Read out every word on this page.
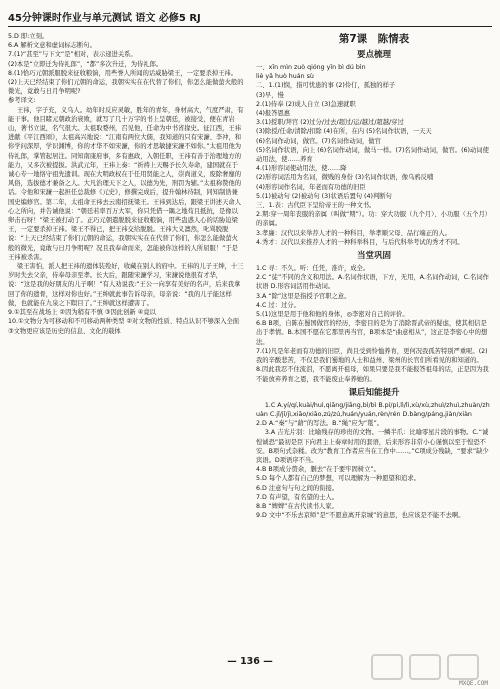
45分钟课时作业与单元测试 语文 必修5 RJ

5.D 即:立刻。

6.A 解析文意和虚词标志断句。

7.(1)“甚至”与下文“是”相对，表示递进关系。

(2)本是“立即迁为侍礼郎”，“都”多次升迁，为侍礼郎。

8.(1)恰巧元朝派服脱来征收粮饷，用些誉人所闻的话威胁梁王，一定要杀掉王祎。

(2)上天已经结束了你们元朝的命运，我朝实实在在代替了你们，你怎么能做萤火般的微光，竟敢与日月争明呢?

参考译文:

王祎，字子充，义乌人。幼年时反应灵敏，胜年的青年，身材高大，气度严肃，有能干事。他目睹元朝政治衰败，就写了几十万字的书上呈朝廷，被接受，便在青岩山，著书立说，名气很大。太祖取婺州，召见他，任命为中书省掾史。征江西，王祎进献《平江西颂》，太祖高兴地说：“江南有两位大儒，我知道的只有宋濂、李冲，和你学问深厚，学识渊博，你的才华不如宋濂，你的才思敏捷宋濂不如你。”太祖用他为侍礼郎，掌管起居注。同知南康府事，多有惠政，入朝任职，王祎有善于治理地方的能力，又多次被提拔。洪武元年，王祎上奏：“祈祷上天赐予长久寿命，建国就在于诚心专一地恪守祖先遗训。现在大明政权在于任用贤能之人，崇尚道义，废除奢靡的风俗，选拔德才兼备之人。大凡治理天下之人，以德为先，刑罚为辅。”太祖称赞他的话。令他和宋濂一起担任总裁修《元史》，修撰完成后，提升翰林待制，同知制诰兼国史编修官。第二年，太祖命王祎去云南招抚梁王。王祎到达后，跟梁王讲述天命人心之所向，并告诫他说：“朝廷若率百万大军，你只凭借一隅之地苟且抵抗，是像以卵击石呀！”梁王被打动了。正巧元朝遣脱脱来征收粮饷，用些蛊惑人心的话胁迫梁王，一定要杀掉王祎。梁王不得已，把王祎交给脱脱。王祎大义凛然，叱骂脱脱说：“上天已经结束了你们元朝的命运，我朝实实在在代替了你们，你怎么能做萤火般的微光，竟敢与日月争明呢？况且我奉命而来，怎能被你这样的人所屈服！”于是王祎被杀害。

梁王害怕，派人把王祎的遗体装殓好，收藏在别人的府中。王祎的儿子王绅，十三岁时失去父亲，侍奉母亲至孝。长大后，跟随宋濂学习，宋濂说他很有才华，说：“这是我的好朋友的儿子啊！”有人劝说我:“王公一向享有美好的名声，后来我拿回了你的遗骨，这样对你也好。”王绅就此事告诉母亲，母亲说：“我的儿子能这样做，也就能在九泉之下瞑目了。”王绅就这样遭害了。

9.①其至在战场上 ②因为稍有不慎 ③因此创新 ④竟以

10.①文物分为可移动和不可移动两种类型 ②对文物的性质、特点认识不够深入全面 ③文物更应该是历史的信息、文化的载体

第7课　陈情表
要点梳理

一、xīn mìn zuò qióng yīn bì dú bìn

liè yǎ huò huán sù

二、1.(1)悯，指可忧患的事 (2)伶仃，孤独的样子

(3)早，慢

2.(1)侍奉 (2)成人自立 (3)急速就职

(4)报答恩惠

3.(1)授职/拜官 (2)过分/过去/超过/运/越过/超越/穿过

(3)除授/任命/清除/扣除 (4)在所，在内 (5)名词作状语，一天天

(6)名词作动词，做官。(7)名词作动词，做官

(5)名词作状语，向上 (6)名词作动词，做马一样。(7)名词作动词，做官。(6)动词使动用法，使……养育

4.(1)形容词使动用法，使……降

(2)形容词活用为名词，微贱的身份 (3)名词作状语，像乌鸦反哺

(4)形容词作名词，年老而有功德的旧臣

5.(1)被动句 (2)被动句 (3)状语后置句 (4)判断句

三、1.表：古代臣下呈给帝王的一种文书。

2.期:穿一周年丧服的亲属（叫做“期”）。功：穿大功服（九个月）、小功服（五个月）的亲属。

3.孝廉：汉代以来举荐人才的一种科目，举孝顺父母、品行端正的人。

4.秀才：汉代以来推荐人才的一种科举科目，与后代科举考试的秀才不同。

当堂巩固

1.C 寻：不久。听：任凭，准许，成全。

2.C “徒”不同的含义和用法。A.名词作状语，下方，无用，A.名词作动词，C.名词作状语 D.形容词活用作动词。

3.A “除”这里是指授予官职之意。

4.C 过：过分。

5.(1)这里是用于他和他的身体，◎李密对自己的评价。

6.B B项，自陈在蜀国做官的经历，李密目的是为了消除晋武帝的疑虑，使其相信是出于孝情。B.本国不愿在它那里再当官，B项本是“曲意相从”，这正是李密心中的想法。

7.(1)凡是年老而有功德的旧臣，尚且受到怜恤养育，更何况我孤苦特别严重呢。(2)我的辛酸悲苦，不仅是我们蜀地的人士和益州、梁州的长官们所看见的和知道的。

8.因此我忍不住流泪，不愿离开祖母，如果只要是我不能报答祖母的话，正是因为我不能放弃养育之恩，我不能废止奉养她的。

课后知能提升

1.C A.yí/qí,kuài/huì,qiāng/jiāng,bì/bì B.pí/pí,lì/lì,xù/xù,zhuì/zhuì,zhuàn/zhuàn C.jǐ/jǐ/jì,xiāo/xiāo,zú/zú,huán/yuán,rèn/rén D.bàng/páng,jiàn/xiàn

2.D A.“秦”与“藉”的写法。B.“绳”应为“鼍”。

3.A 吉光片羽：比喻残存的珍贵的文物。一鳞半爪：比喻零星片段的事物。C.“诚惶诚恐”最初是臣下向君主上奏章时用的套语，后来形容非常小心谨慎以至于惶恐不安。B项句式杂糅。改为“教育工作者应当在工作中……。”C项成分残缺，“要求”缺少宾语。D项语序不当。

4.B B项成分赘余，删去“在于要牢固树立”。

5.D 每个人都有自己的梦想，可以理解为一种愿望和追求。

6.D 注意句与句之间的衔接。

7.D 有声望，有名望的士人。

8.B “婢婢”在古代读书人家。

9.D 文中“不乐去京师”是“不愿意离开京城”的意思，也应该是不能不去啊。

— 136 —
MXQE.COM
